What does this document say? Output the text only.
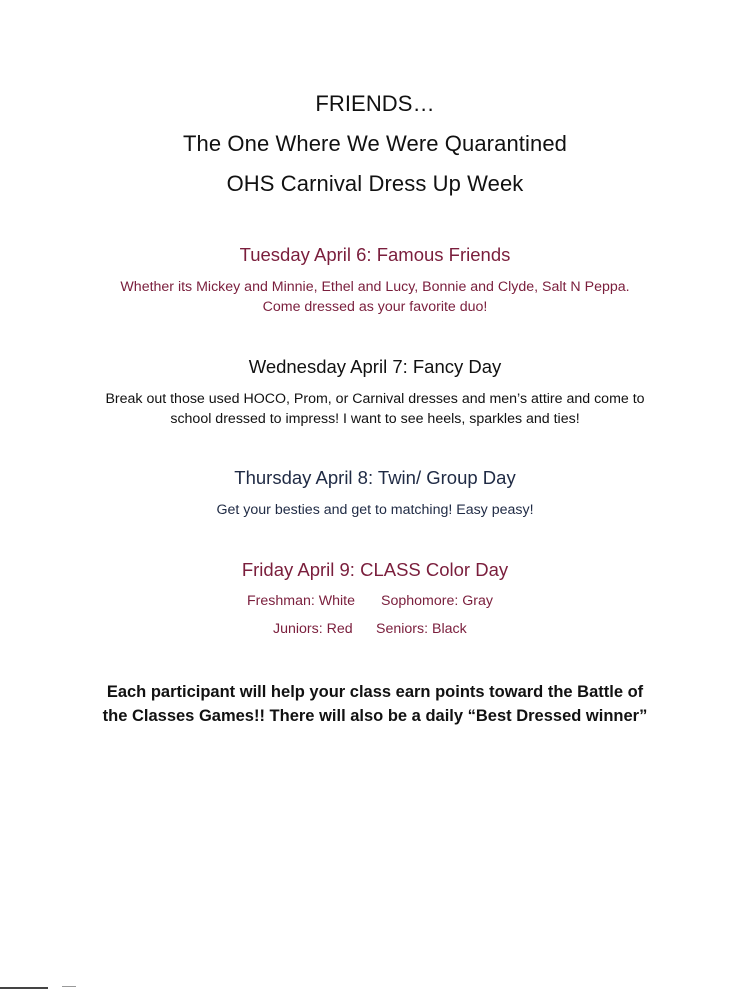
FRIENDS…
The One Where We Were Quarantined
OHS Carnival Dress Up Week
Tuesday April 6: Famous Friends
Whether its Mickey and Minnie, Ethel and Lucy, Bonnie and Clyde, Salt N Peppa.
Come dressed as your favorite duo!
Wednesday April 7: Fancy Day
Break out those used HOCO, Prom, or Carnival dresses and men’s attire and come to
school dressed to impress! I want to see heels, sparkles and ties!
Thursday April 8: Twin/ Group Day
Get your besties and get to matching! Easy peasy!
Friday April 9: CLASS Color Day
Freshman: White Sophomore: Gray
Juniors: Red Seniors: Black
Each participant will help your class earn points toward the Battle of
the Classes Games!! There will also be a daily “Best Dressed winner”
